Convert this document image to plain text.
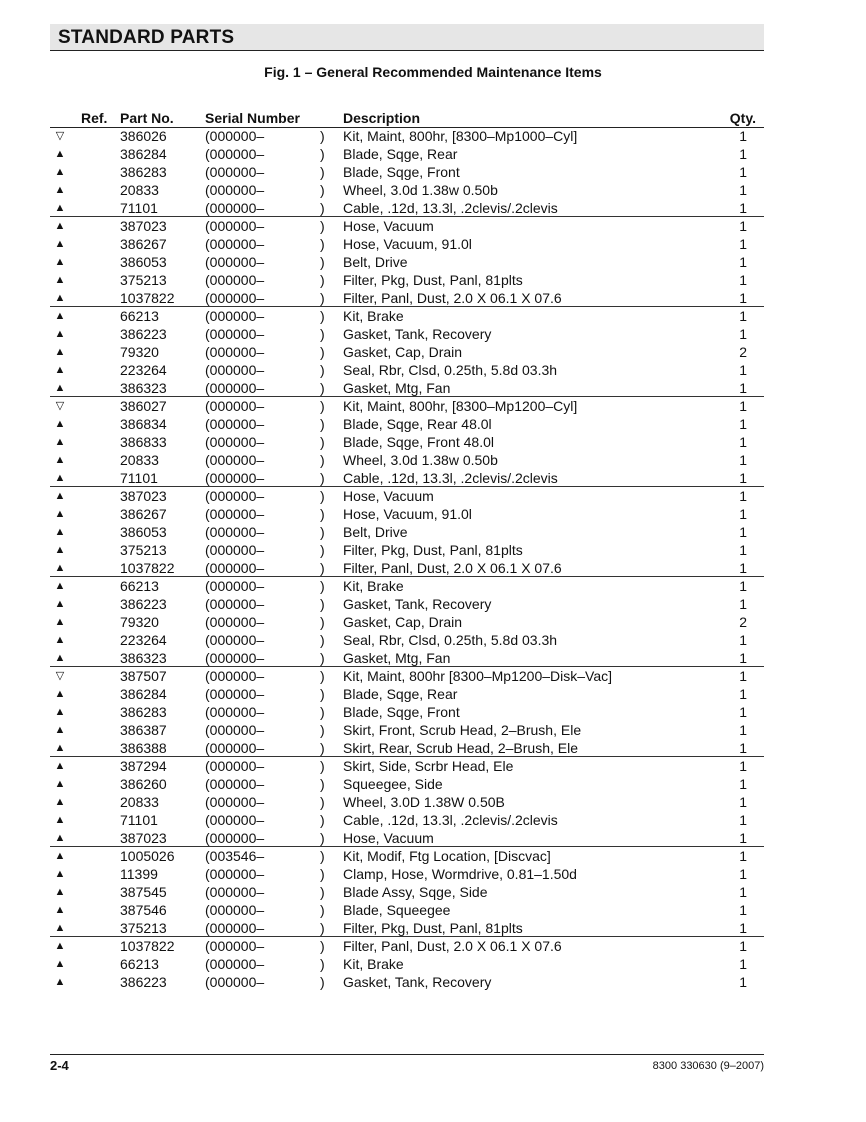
STANDARD PARTS
Fig. 1 – General Recommended Maintenance Items
Ref. Part No. Serial Number	Description	Qty.
▽	386026	(000000–	) Kit, Maint, 800hr, [8300–Mp1000–Cyl]	1
▲	386284	(000000–	) Blade, Sqge, Rear	1
▲	386283	(000000–	) Blade, Sqge, Front	1
▲	20833	(000000–	) Wheel, 3.0d 1.38w 0.50b	1
▲	71101	(000000–	) Cable, .12d, 13.3l, .2clevis/.2clevis	1
▲	387023	(000000–	) Hose, Vacuum	1
▲	386267	(000000–	) Hose, Vacuum, 91.0l	1
▲	386053	(000000–	) Belt, Drive	1
▲	375213	(000000–	) Filter, Pkg, Dust, Panl, 81plts	1
▲	1037822 (000000–	) Filter, Panl, Dust, 2.0 X 06.1 X 07.6	1
▲	66213	(000000–	) Kit, Brake	1
▲	386223	(000000–	) Gasket, Tank, Recovery	1
▲	79320	(000000–	) Gasket, Cap, Drain	2
▲	223264	(000000–	) Seal, Rbr, Clsd, 0.25th, 5.8d 03.3h	1
▲	386323	(000000–	) Gasket, Mtg, Fan	1
▽	386027	(000000–	) Kit, Maint, 800hr, [8300–Mp1200–Cyl]	1
▲	386834	(000000–	) Blade, Sqge, Rear 48.0l	1
▲	386833	(000000–	) Blade, Sqge, Front 48.0l	1
▲	20833	(000000–	) Wheel, 3.0d 1.38w 0.50b	1
▲	71101	(000000–	) Cable, .12d, 13.3l, .2clevis/.2clevis	1
▲	387023	(000000–	) Hose, Vacuum	1
▲	386267	(000000–	) Hose, Vacuum, 91.0l	1
▲	386053	(000000–	) Belt, Drive	1
▲	375213	(000000–	) Filter, Pkg, Dust, Panl, 81plts	1
▲	1037822 (000000–	) Filter, Panl, Dust, 2.0 X 06.1 X 07.6	1
▲	66213	(000000–	) Kit, Brake	1
▲	386223	(000000–	) Gasket, Tank, Recovery	1
▲	79320	(000000–	) Gasket, Cap, Drain	2
▲	223264	(000000–	) Seal, Rbr, Clsd, 0.25th, 5.8d 03.3h	1
▲	386323	(000000–	) Gasket, Mtg, Fan	1
▽	387507	(000000–	) Kit, Maint, 800hr [8300–Mp1200–Disk–Vac]	1
▲	386284	(000000–	) Blade, Sqge, Rear	1
▲	386283	(000000–	) Blade, Sqge, Front	1
▲	386387	(000000–	) Skirt, Front, Scrub Head, 2–Brush, Ele	1
▲	386388	(000000–	) Skirt, Rear, Scrub Head, 2–Brush, Ele	1
▲	387294	(000000–	) Skirt, Side, Scrbr Head, Ele	1
▲	386260	(000000–	) Squeegee, Side	1
▲	20833	(000000–	) Wheel, 3.0D 1.38W 0.50B	1
▲	71101	(000000–	) Cable, .12d, 13.3l, .2clevis/.2clevis	1
▲	387023	(000000–	) Hose, Vacuum	1
▲	1005026 (003546–	) Kit, Modif, Ftg Location, [Discvac]	1
▲	11399	(000000–	) Clamp, Hose, Wormdrive, 0.81–1.50d	1
▲	387545	(000000–	) Blade Assy, Sqge, Side	1
▲	387546	(000000–	) Blade, Squeegee	1
▲	375213	(000000–	) Filter, Pkg, Dust, Panl, 81plts	1
▲	1037822 (000000–	) Filter, Panl, Dust, 2.0 X 06.1 X 07.6	1
▲	66213	(000000–	) Kit, Brake	1
▲	386223	(000000–	) Gasket, Tank, Recovery	1
2-4	8300 330630 (9–2007)
